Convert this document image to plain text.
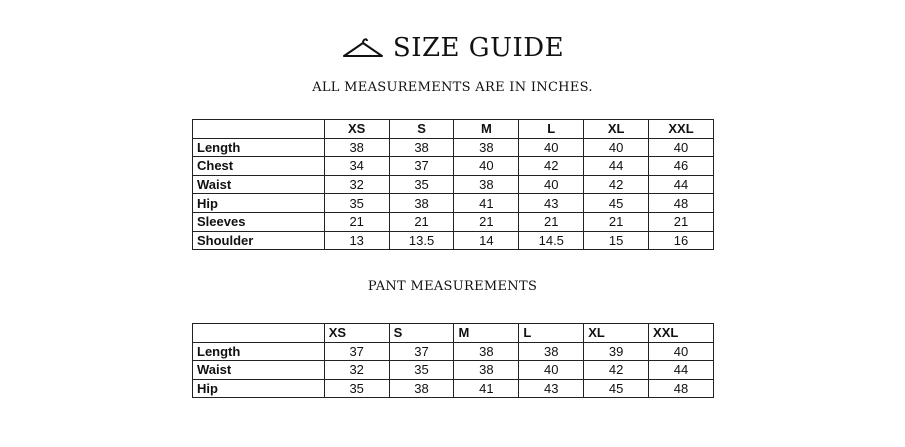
SIZE GUIDE
ALL MEASUREMENTS ARE IN INCHES.
	XS	S	M	L	XL	XXL
Length	38	38	38	40	40	40
Chest	34	37	40	42	44	46
Waist	32	35	38	40	42	44
Hip	35	38	41	43	45	48
Sleeves	21	21	21	21	21	21
Shoulder	13	13.5	14	14.5	15	16
PANT MEASUREMENTS
	XS	S	M	L	XL	XXL
Length	37	37	38	38	39	40
Waist	32	35	38	40	42	44
Hip	35	38	41	43	45	48
